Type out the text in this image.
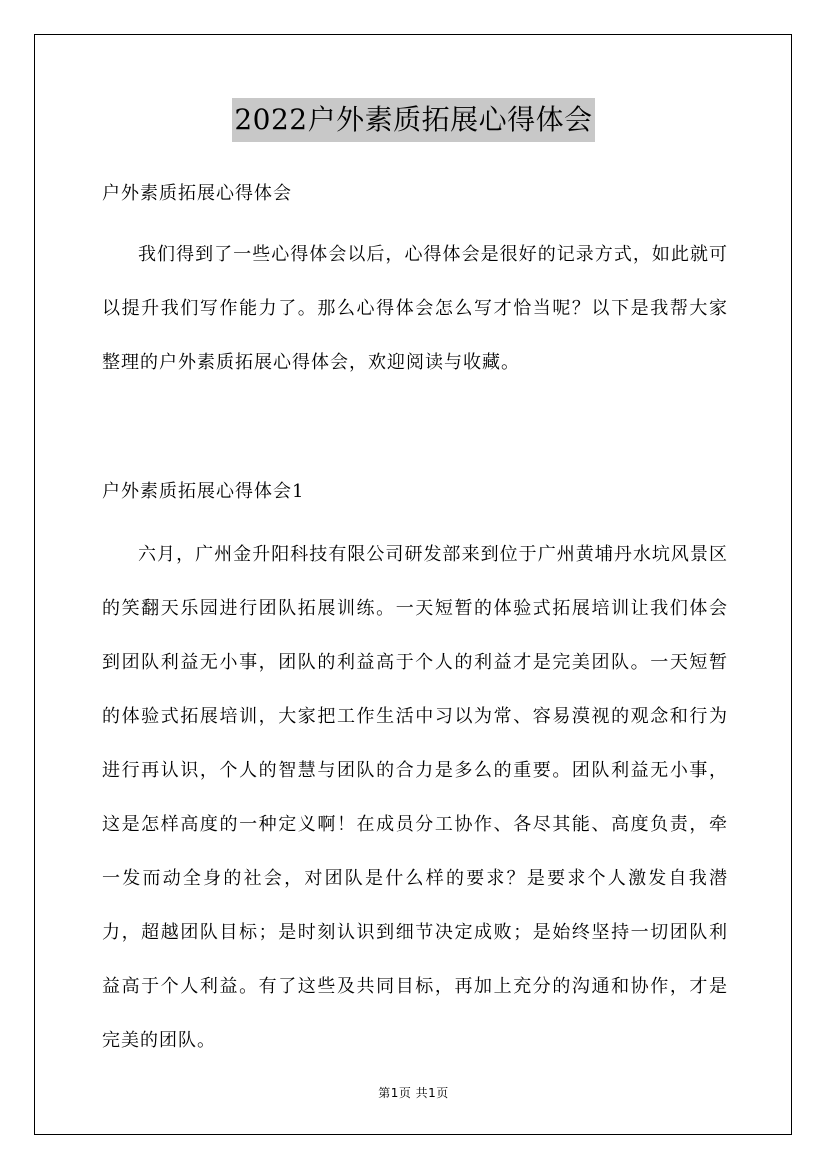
2022户外素质拓展心得体会

户外素质拓展心得体会

我们得到了一些心得体会以后，心得体会是很好的记录方式，如此就可以提升我们写作能力了。那么心得体会怎么写才恰当呢？以下是我帮大家整理的户外素质拓展心得体会，欢迎阅读与收藏。

户外素质拓展心得体会1

六月，广州金升阳科技有限公司研发部来到位于广州黄埔丹水坑风景区的笑翻天乐园进行团队拓展训练。一天短暂的体验式拓展培训让我们体会到团队利益无小事，团队的利益高于个人的利益才是完美团队。一天短暂的体验式拓展培训，大家把工作生活中习以为常、容易漠视的观念和行为进行再认识，个人的智慧与团队的合力是多么的重要。团队利益无小事，这是怎样高度的一种定义啊！在成员分工协作、各尽其能、高度负责，牵一发而动全身的社会，对团队是什么样的要求？是要求个人激发自我潜力，超越团队目标；是时刻认识到细节决定成败；是始终坚持一切团队利益高于个人利益。有了这些及共同目标，再加上充分的沟通和协作，才是完美的团队。

第1页 共1页
